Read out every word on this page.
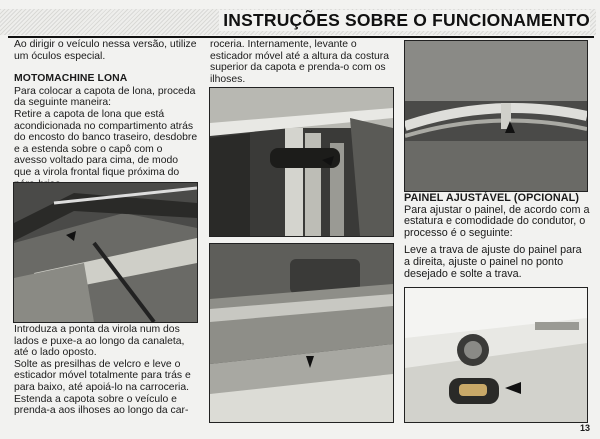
INSTRUÇÕES SOBRE O FUNCIONAMENTO

Ao dirigir o veículo nessa versão, utilize um óculos especial.

MOTOMACHINE LONA

Para colocar a capota de lona, proceda da seguinte maneira:

Retire a capota de lona que está acondicionada no compartimento atrás do encosto do banco traseiro, desdobre e a estenda sobre o capô com o avesso voltado para cima, de modo que a virola frontal fique próxima do

Introduza a ponta da virola num dos lados e puxe-a ao longo da canaleta, até o lado oposto.

Solte as presilhas de velcro e leve o esticador móvel totalmente para trás e para baixo, até apoiá-lo na carroceria.

Estenda a capota sobre o veículo e prenda-a aos ilhoses ao longo da car-

roceria. Internamente, levante o esticador móvel até a altura da costura superior da capota e prenda-o com os ilhoses.

PAINEL AJUSTÁVEL (OPCIONAL)

Para ajustar o painel, de acordo com a estatura e comodidade do condutor, o processo é o seguinte:

Leve a trava de ajuste do painel para a direita, ajuste o painel no ponto desejado e solte a trava.

13
